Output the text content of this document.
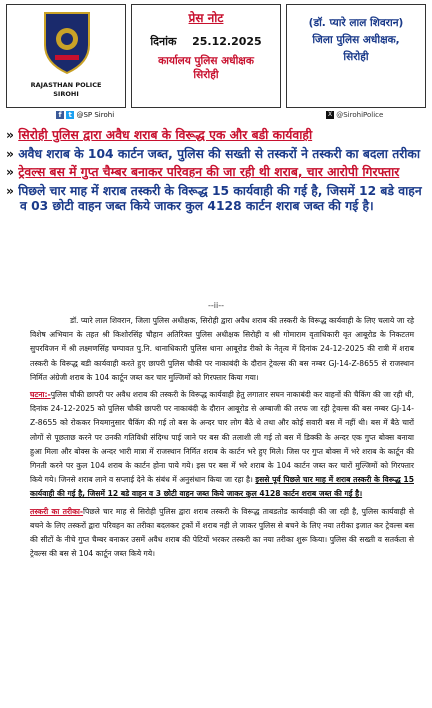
RAJASTHAN POLICE
SIROHI
प्रेस नोट
दिनांक 25.12.2025
कार्यालय पुलिस अधीक्षक
सिरोही
(डॉ. प्यारे लाल शिवरान)
जिला पुलिस अधीक्षक,
सिरोही
f t @SP Sirohi	X @SirohiPolice
» सिरोही पुलिस द्वारा अवैध शराब के विरूद्ध एक और बडी कार्यवाही
» अवैध शराब के 104 कार्टन जब्त, पुलिस की सख्ती से तस्करों ने तस्करी का बदला तरीका
» ट्रेवल्स बस में गुप्त चैम्बर बनाकर परिवहन की जा रही थी शराब, चार आरोपी गिरफ्तार
» पिछले चार माह में शराब तस्करी के विरूद्ध 15 कार्यवाही की गई है, जिसमें 12 बडे वाहन व 03 छोटी वाहन जब्त किये जाकर कुल 4128 कार्टन शराब जब्त की गई है।
--ii--

डॉ. प्यारे लाल शिवरान, जिला पुलिस अधीक्षक, सिरोही द्वारा अवैध शराब की तस्करी के विरूद्ध कार्यवाही के लिए चलाये जा रहे विशेष अभियान के तहत श्री किशोरसिंह चौहान अतिरिक्त पुलिस अधीक्षक सिरोही व श्री गोमाराम वृताधिकारी वृत आबूरोड के निकटतम सुपरविजन में श्री लक्ष्मणसिंह चम्पावत पु.नि. थानाधिकारी पुलिस थाना आबूरोड रीको के नेतृत्व में दिनांक 24-12-2025 की रात्री में शराब तस्करी के विरूद्ध बडी कार्यवाही करते हुए छापरी पुलिस चौकी पर नाकाबंदी के दौरान ट्रेवल्स की बस नम्बर GJ-14-Z-8655 से राजस्थान निर्मित अंग्रेजी शराब के 104 कार्टून जब्त कर चार मुल्जिमों को गिरफ्तार किया गया।

घटना:-पुलिस चौकी छापरी पर अवैध शराब की तस्करी के विरूद्ध कार्यवाही हेतु लगातार सघन नाकाबंदी कर वाहनों की चैकिंग की जा रही थी, दिनांक 24-12-2025 को पुलिस चौकी छापरी पर नाकाबंदी के दौरान आबूरोड से अम्बाजी की तरफ जा रही ट्रेवल्स की बस नम्बर GJ-14-Z-8655 को रोककर नियमानुसार चैकिंग की गई तो बस के अन्दर चार लोग बैठे थे तथा और कोई सवारी बस में नहीं थी। बस में बैठे चारों लोगों से पूछताछ करने पर उनकी गतिविधी संदिग्ध पाई जाने पर बस की तलाशी ली गई तो बस में डिक्की के अन्दर एक गुप्त बोक्स बनाया हुआ मिला और बोक्स के अन्दर भारी मात्रा में राजस्थान निर्मित शराब के कार्टन भरे हुए मिले। जिस पर गुप्त बोक्स में भरे शराब के कार्टून की गिनती करने पर कुल 104 शराब के कार्टन होना पाये गये। इस पर बस में भरे शराब के 104 कार्टन जब्त कर चारों मुल्जिमों को गिरफ्तार किये गये। जिनसे शराब लाने व सप्लाई देने के संबंध में अनुसंधान किया जा रहा है। इससे पूर्व पिछले चार माह में शराब तस्करी के विरूद्ध 15 कार्यवाही की गई है, जिसमें 12 बडे वाहन व 3 छोटी वाहन जब्त किये जाकर कुल 4128 कार्टन शराब जब्त की गई है।

तस्करी का तरीका-पिछले चार माह से सिरोही पुलिस द्वारा शराब तस्करी के विरूद्ध ताबडतोड कार्यवाही की जा रही है, पुलिस कार्यवाही से बचने के लिए तस्करों द्वारा परिवहन का तरीका बदलकर ट्रकों में शराब नही ले जाकर पुलिस से बचने के लिए नया तरीका इजात कर ट्रेवल्स बस की सीटों के नीचे गुप्त चैम्बर बनाकर उसमें अवैध शराब की पेटियों भरकर तस्करी का नया तरीका शुरू किया। पुलिस की सख्ती व सतर्कता से ट्रेवल्स की बस से 104 कार्टून जब्त किये गये।
